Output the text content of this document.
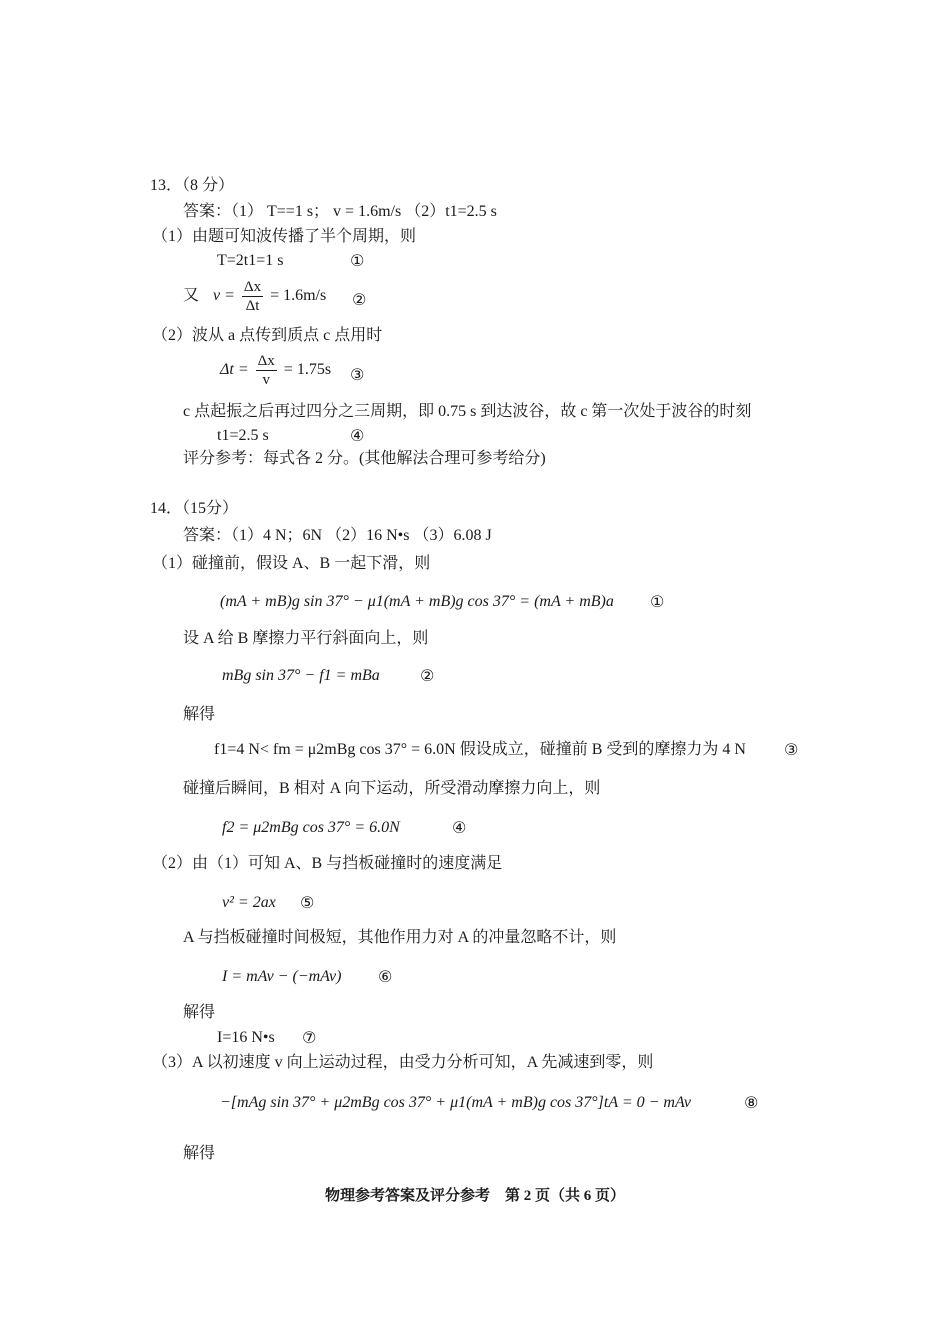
13．（8 分）
答案：（1） T==1 s； v = 1.6m/s （2）t1=2.5 s
（1）由题可知波传播了半个周期，则
T=2t1=1 s	①
又 $v = \frac{\Delta x}{\Delta t} = 1.6m/s$ ②
（2）波从 a 点传到质点 c 点用时
$\Delta t = \frac{\Delta x}{v} = 1.75s$ ③
c 点起振之后再过四分之三周期，即 0.75 s 到达波谷，故 c 第一次处于波谷的时刻
t1=2.5 s	④
评分参考：每式各 2 分。(其他解法合理可参考给分)
14．（15分）
答案：（1）4 N；6N （2）16 N•s （3）6.08 J
（1）碰撞前，假设 A、B 一起下滑，则
(mA + mB)g sin 37° − μ1(mA + mB)g cos 37° = (mA + mB)a ①
设 A 给 B 摩擦力平行斜面向上，则
mBg sin 37° − f1 = mBa	②
解得
f1=4 N< fm = μ2mBg cos 37° = 6.0N 假设成立，碰撞前 B 受到的摩擦力为 4 N ③
碰撞后瞬间，B 相对 A 向下运动，所受滑动摩擦力向上，则
f2 = μ2mBg cos 37° = 6.0N	④
（2）由（1）可知 A、B 与挡板碰撞时的速度满足
v² = 2ax ⑤
A 与挡板碰撞时间极短，其他作用力对 A 的冲量忽略不计，则
I = mAv − (−mAv) ⑥
解得
I=16 N•s ⑦
（3）A 以初速度 v 向上运动过程，由受力分析可知，A 先减速到零，则
−[mAg sin 37° + μ2mBg cos 37° + μ1(mA + mB)g cos 37°]tA = 0 − mAv	⑧
解得
物理参考答案及评分参考　第 2 页（共 6 页）
